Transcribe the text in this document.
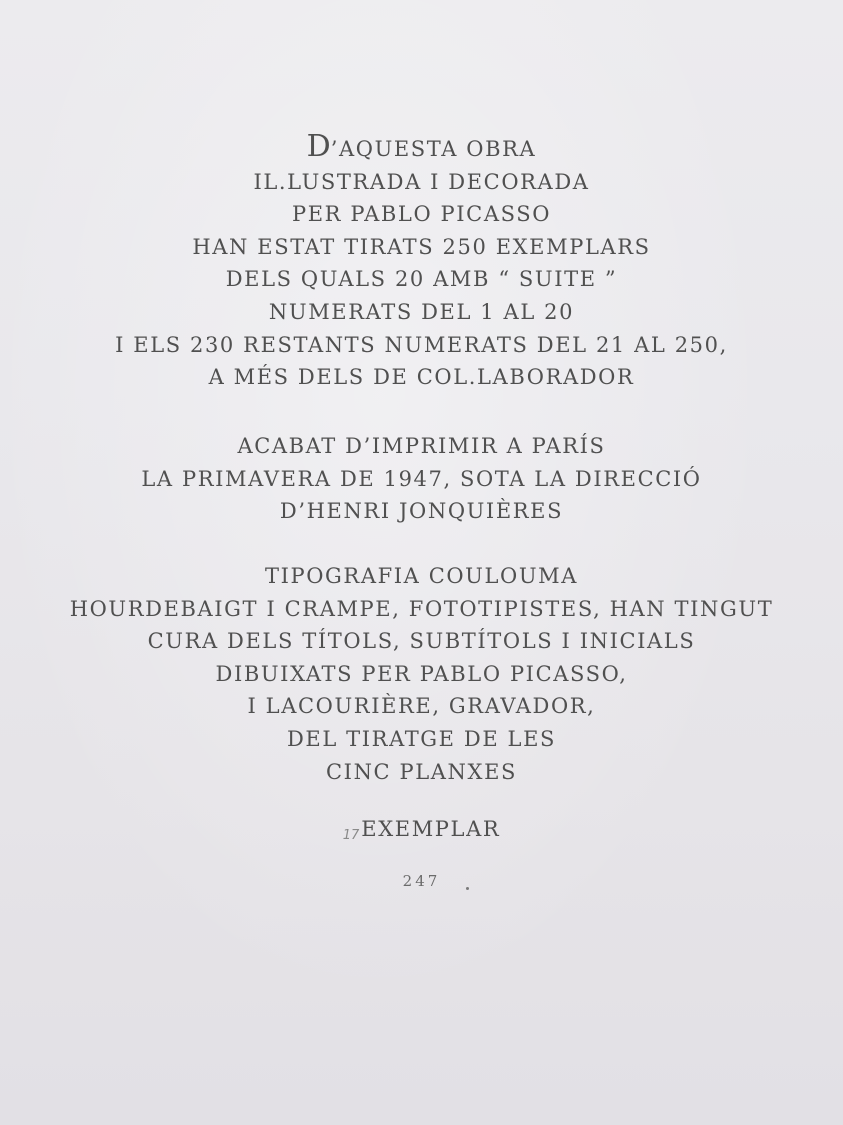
D’AQUESTA OBRA
IL.LUSTRADA I DECORADA
PER PABLO PICASSO
HAN ESTAT TIRATS 250 EXEMPLARS
DELS QUALS 20 AMB “ SUITE ”
NUMERATS DEL 1 AL 20
I ELS 230 RESTANTS NUMERATS DEL 21 AL 250,
A MÉS DELS DE COL.LABORADOR
ACABAT D’IMPRIMIR A PARÍS
LA PRIMAVERA DE 1947, SOTA LA DIRECCIÓ
D’HENRI JONQUIÈRES
TIPOGRAFIA COULOUMA
HOURDEBAIGT I CRAMPE, FOTOTIPISTES, HAN TINGUT
CURA DELS TÍTOLS, SUBTÍTOLS I INICIALS
DIBUIXATS PER PABLO PICASSO,
I LACOURIÈRE, GRAVADOR,
DEL TIRATGE DE LES
CINC PLANXES
17EXEMPLAR
247
